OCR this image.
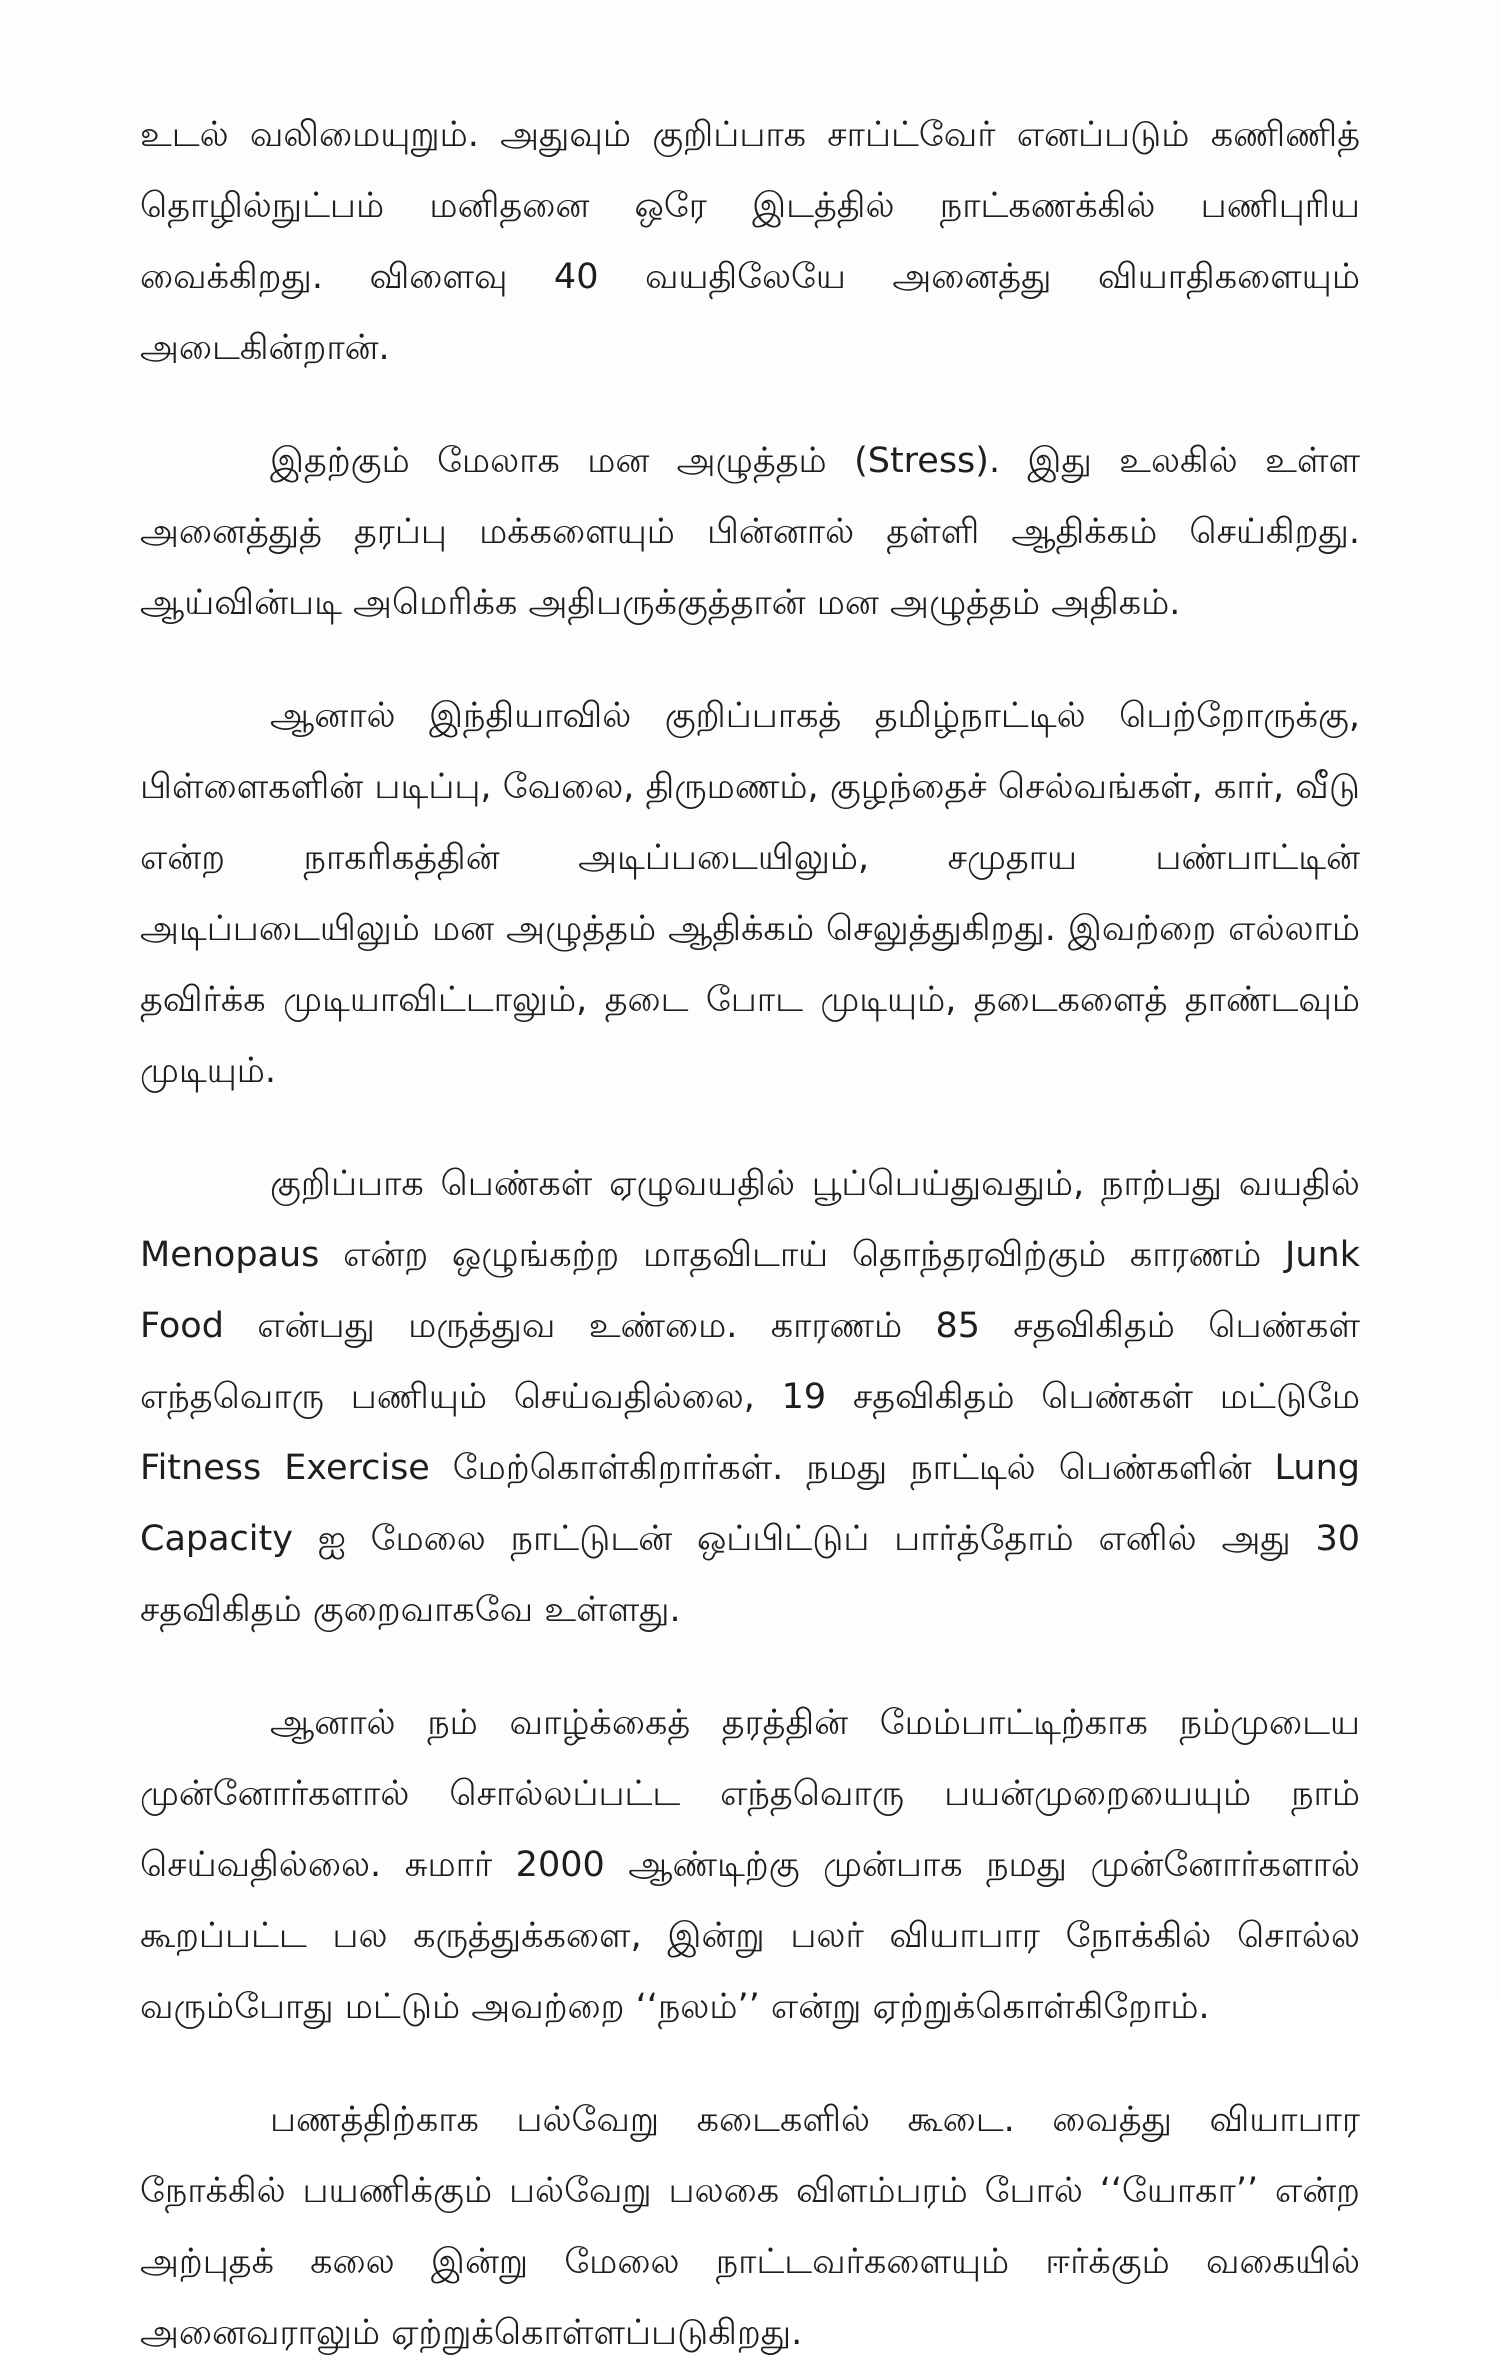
உடல் வலிமையுறும். அதுவும் குறிப்பாக சாப்ட்வேர் எனப்படும் கணிணித் தொழில்நுட்பம் மனிதனை ஒரே இடத்தில் நாட்கணக்கில் பணிபுரிய வைக்கிறது. விளைவு 40 வயதிலேயே அனைத்து வியாதிகளையும் அடைகின்றான்.

இதற்கும் மேலாக மன அழுத்தம் (Stress). இது உலகில் உள்ள அனைத்துத் தரப்பு மக்களையும் பின்னால் தள்ளி ஆதிக்கம் செய்கிறது. ஆய்வின்படி அமெரிக்க அதிபருக்குத்தான் மன அழுத்தம் அதிகம்.

ஆனால் இந்தியாவில் குறிப்பாகத் தமிழ்நாட்டில் பெற்றோருக்கு, பிள்ளைகளின் படிப்பு, வேலை, திருமணம், குழந்தைச் செல்வங்கள், கார், வீடு என்ற நாகரிகத்தின் அடிப்படையிலும், சமுதாய பண்பாட்டின் அடிப்படையிலும் மன அழுத்தம் ஆதிக்கம் செலுத்துகிறது. இவற்றை எல்லாம் தவிர்க்க முடியாவிட்டாலும், தடை போட முடியும், தடைகளைத் தாண்டவும் முடியும்.

குறிப்பாக பெண்கள் ஏழுவயதில் பூப்பெய்துவதும், நாற்பது வயதில் Menopaus என்ற ஒழுங்கற்ற மாதவிடாய் தொந்தரவிற்கும் காரணம் Junk Food என்பது மருத்துவ உண்மை. காரணம் 85 சதவிகிதம் பெண்கள் எந்தவொரு பணியும் செய்வதில்லை, 19 சதவிகிதம் பெண்கள் மட்டுமே Fitness Exercise மேற்கொள்கிறார்கள். நமது நாட்டில் பெண்களின் Lung Capacity ஐ மேலை நாட்டுடன் ஒப்பிட்டுப் பார்த்தோம் எனில் அது 30 சதவிகிதம் குறைவாகவே உள்ளது.

ஆனால் நம் வாழ்க்கைத் தரத்தின் மேம்பாட்டிற்காக நம்முடைய முன்னோர்களால் சொல்லப்பட்ட எந்தவொரு பயன்முறையையும் நாம் செய்வதில்லை. சுமார் 2000 ஆண்டிற்கு முன்பாக நமது முன்னோர்களால் கூறப்பட்ட பல கருத்துக்களை, இன்று பலர் வியாபார நோக்கில் சொல்ல வரும்போது மட்டும் அவற்றை ‘‘நலம்’’ என்று ஏற்றுக்கொள்கிறோம்.

பணத்திற்காக பல்வேறு கடைகளில் கூடை. வைத்து வியாபார நோக்கில் பயணிக்கும் பல்வேறு பலகை விளம்பரம் போல் ‘‘யோகா’’ என்ற அற்புதக் கலை இன்று மேலை நாட்டவர்களையும் ஈர்க்கும் வகையில் அனைவராலும் ஏற்றுக்கொள்ளப்படுகிறது.
